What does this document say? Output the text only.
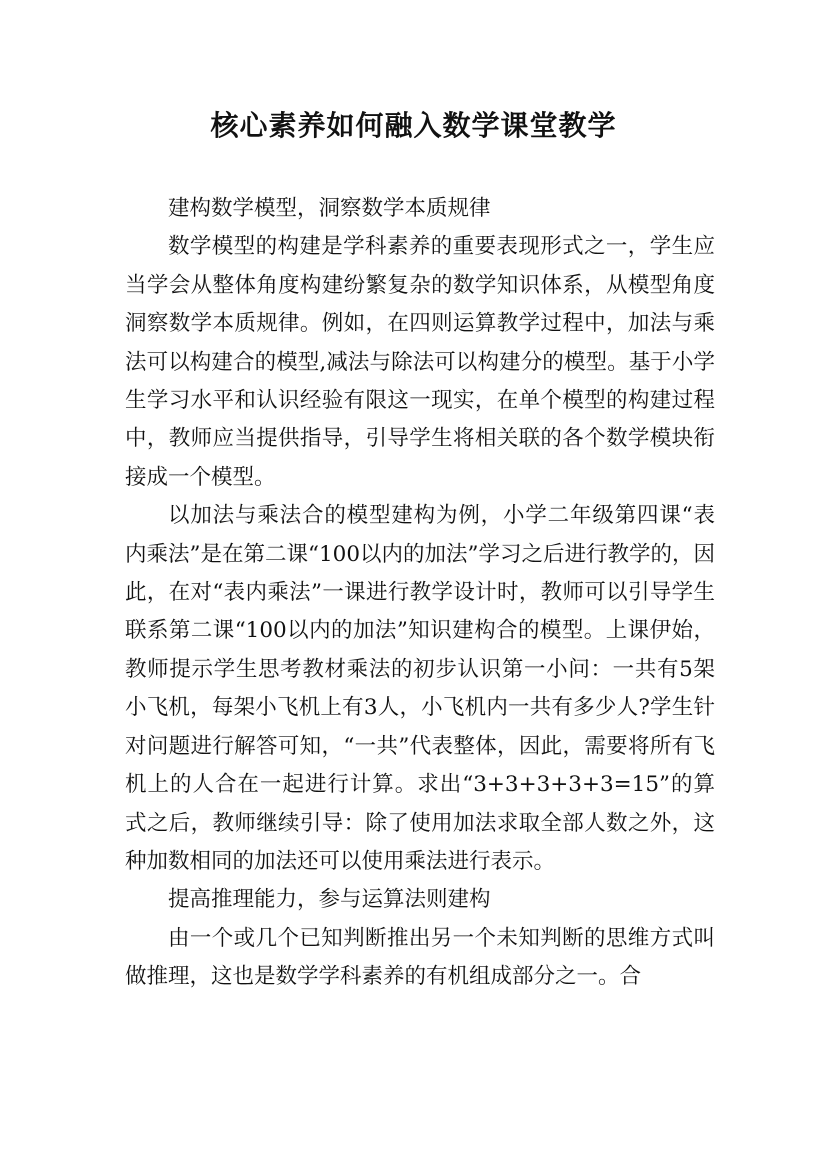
核心素养如何融入数学课堂教学

建构数学模型，洞察数学本质规律

数学模型的构建是学科素养的重要表现形式之一，学生应当学会从整体角度构建纷繁复杂的数学知识体系，从模型角度洞察数学本质规律。例如，在四则运算教学过程中，加法与乘法可以构建合的模型,减法与除法可以构建分的模型。基于小学生学习水平和认识经验有限这一现实，在单个模型的构建过程中，教师应当提供指导，引导学生将相关联的各个数学模块衔接成一个模型。

以加法与乘法合的模型建构为例，小学二年级第四课“表内乘法”是在第二课“100以内的加法”学习之后进行教学的，因此，在对“表内乘法”一课进行教学设计时，教师可以引导学生联系第二课“100以内的加法”知识建构合的模型。上课伊始，教师提示学生思考教材乘法的初步认识第一小问：一共有5架小飞机，每架小飞机上有3人，小飞机内一共有多少人?学生针对问题进行解答可知，“一共”代表整体，因此，需要将所有飞机上的人合在一起进行计算。求出“3+3+3+3+3=15”的算式之后，教师继续引导：除了使用加法求取全部人数之外，这种加数相同的加法还可以使用乘法进行表示。

提高推理能力，参与运算法则建构

由一个或几个已知判断推出另一个未知判断的思维方式叫做推理，这也是数学学科素养的有机组成部分之一。合
